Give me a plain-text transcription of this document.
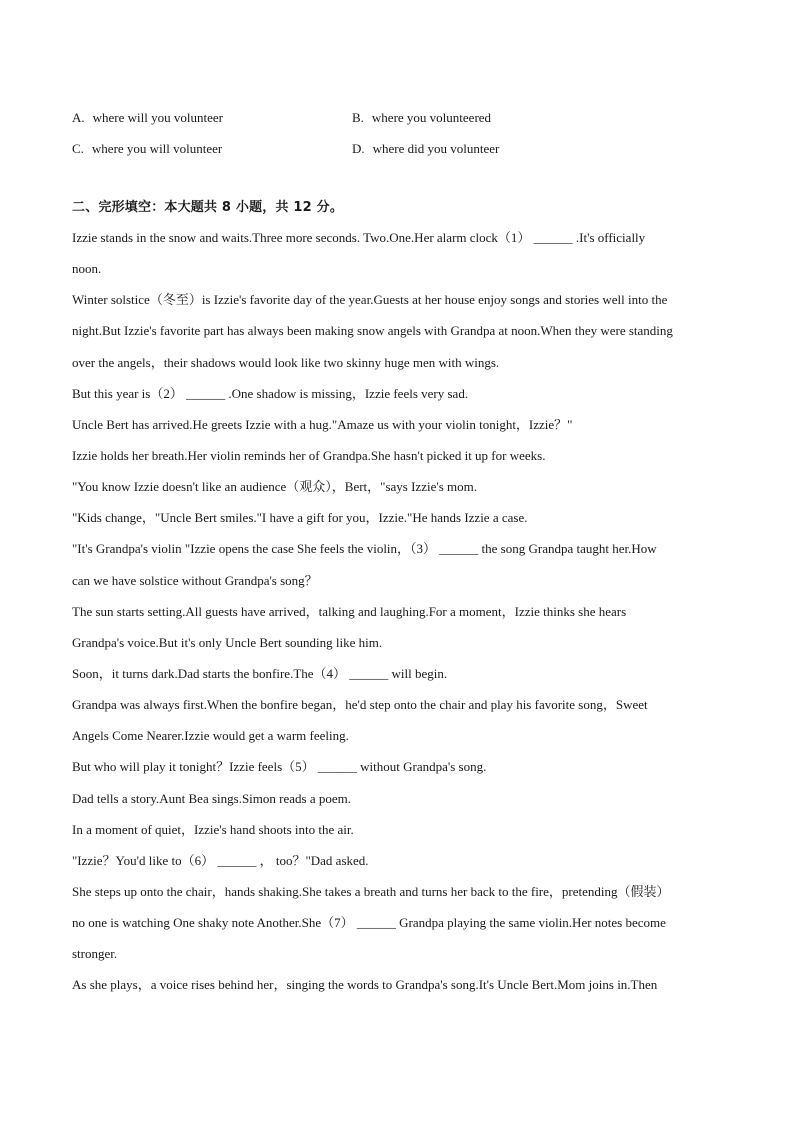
A. where will you volunteer	B. where you volunteered
C. where you will volunteer	D. where did you volunteer
二、完形填空：本大题共 8 小题，共 12 分。
Izzie stands in the snow and waits.Three more seconds. Two.One.Her alarm clock（1） ______ .It's officially
noon.
Winter solstice（冬至）is Izzie's favorite day of the year.Guests at her house enjoy songs and stories well into the
night.But Izzie's favorite part has always been making snow angels with Grandpa at noon.When they were standing
over the angels，their shadows would look like two skinny huge men with wings.
But this year is（2） ______ .One shadow is missing，Izzie feels very sad.
Uncle Bert has arrived.He greets Izzie with a hug."Amaze us with your violin tonight，Izzie？"
Izzie holds her breath.Her violin reminds her of Grandpa.She hasn't picked it up for weeks.
"You know Izzie doesn't like an audience（观众），Bert，"says Izzie's mom.
"Kids change，"Uncle Bert smiles."I have a gift for you，Izzie."He hands Izzie a case.
"It's Grandpa's violin "Izzie opens the case She feels the violin，（3） ______ the song Grandpa taught her.How
can we have solstice without Grandpa's song？
The sun starts setting.All guests have arrived，talking and laughing.For a moment，Izzie thinks she hears
Grandpa's voice.But it's only Uncle Bert sounding like him.
Soon，it turns dark.Dad starts the bonfire.The（4） ______ will begin.
Grandpa was always first.When the bonfire began，he'd step onto the chair and play his favorite song，Sweet
Angels Come Nearer.Izzie would get a warm feeling.
But who will play it tonight？Izzie feels（5） ______ without Grandpa's song.
Dad tells a story.Aunt Bea sings.Simon reads a poem.
In a moment of quiet，Izzie's hand shoots into the air.
"Izzie？You'd like to（6） ______ ， too？"Dad asked.
She steps up onto the chair，hands shaking.She takes a breath and turns her back to the fire，pretending（假装）
no one is watching One shaky note Another.She（7） ______ Grandpa playing the same violin.Her notes become
stronger.
As she plays，a voice rises behind her，singing the words to Grandpa's song.It's Uncle Bert.Mom joins in.Then
